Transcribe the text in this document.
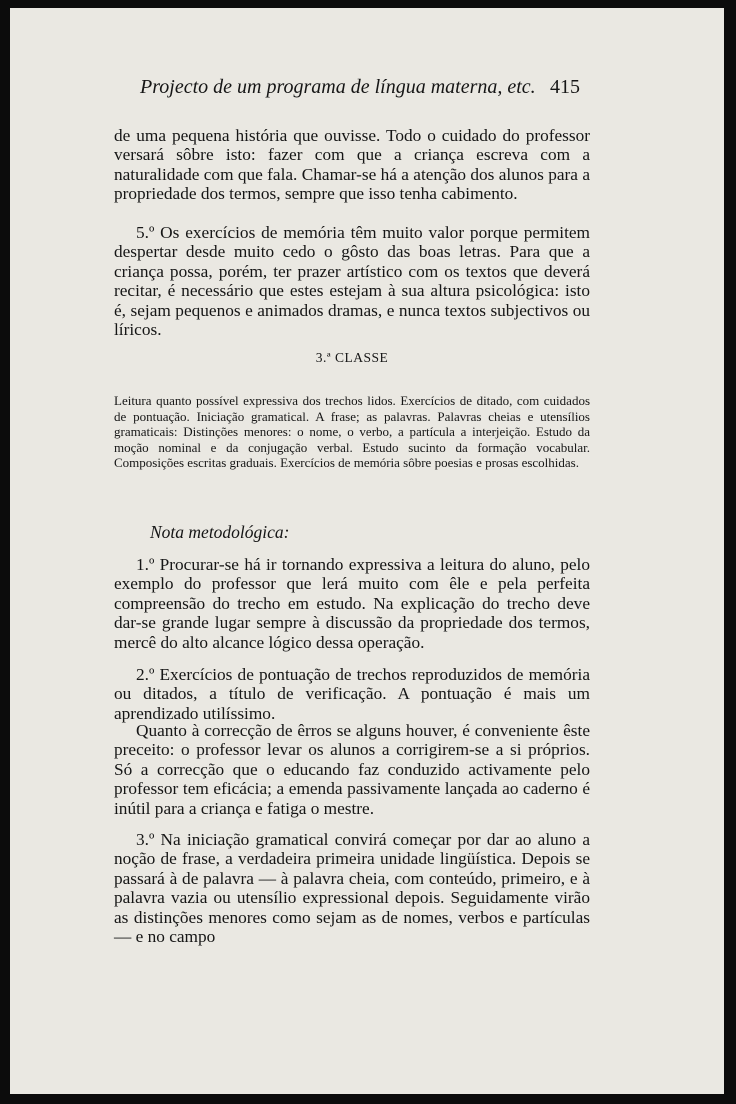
Projecto de um programa de língua materna, etc. 415
de uma pequena história que ouvisse. Todo o cuidado do professor versará sôbre isto: fazer com que a criança escreva com a naturalidade com que fala. Chamar-se há a atenção dos alunos para a propriedade dos termos, sempre que isso tenha cabimento.
5.º Os exercícios de memória têm muito valor porque permitem despertar desde muito cedo o gôsto das boas letras. Para que a criança possa, porém, ter prazer artístico com os textos que deverá recitar, é necessário que estes estejam à sua altura psicológica: isto é, sejam pequenos e animados dramas, e nunca textos subjectivos ou líricos.
3.ª CLASSE
Leitura quanto possível expressiva dos trechos lidos. Exercícios de ditado, com cuidados de pontuação. Iniciação gramatical. A frase; as palavras. Palavras cheias e utensílios gramaticais: Distinções menores: o nome, o verbo, a partícula a interjeição. Estudo da moção nominal e da conjugação verbal. Estudo sucinto da formação vocabular. Composições escritas graduais. Exercícios de memória sôbre poesias e prosas escolhidas.
Nota metodológica:
1.º Procurar-se há ir tornando expressiva a leitura do aluno, pelo exemplo do professor que lerá muito com êle e pela perfeita compreensão do trecho em estudo. Na explicação do trecho deve dar-se grande lugar sempre à discussão da propriedade dos termos, mercê do alto alcance lógico dessa operação.
2.º Exercícios de pontuação de trechos reproduzidos de memória ou ditados, a título de verificação. A pontuação é mais um aprendizado utilíssimo.
Quanto à correcção de êrros se alguns houver, é conveniente êste preceito: o professor levar os alunos a corrigirem-se a si próprios. Só a correcção que o educando faz conduzido activamente pelo professor tem eficácia; a emenda passivamente lançada ao caderno é inútil para a criança e fatiga o mestre.
3.º Na iniciação gramatical convirá começar por dar ao aluno a noção de frase, a verdadeira primeira unidade lingüística. Depois se passará à de palavra — à palavra cheia, com conteúdo, primeiro, e à palavra vazia ou utensílio expressional depois. Seguidamente virão as distinções menores como sejam as de nomes, verbos e partículas — e no campo
